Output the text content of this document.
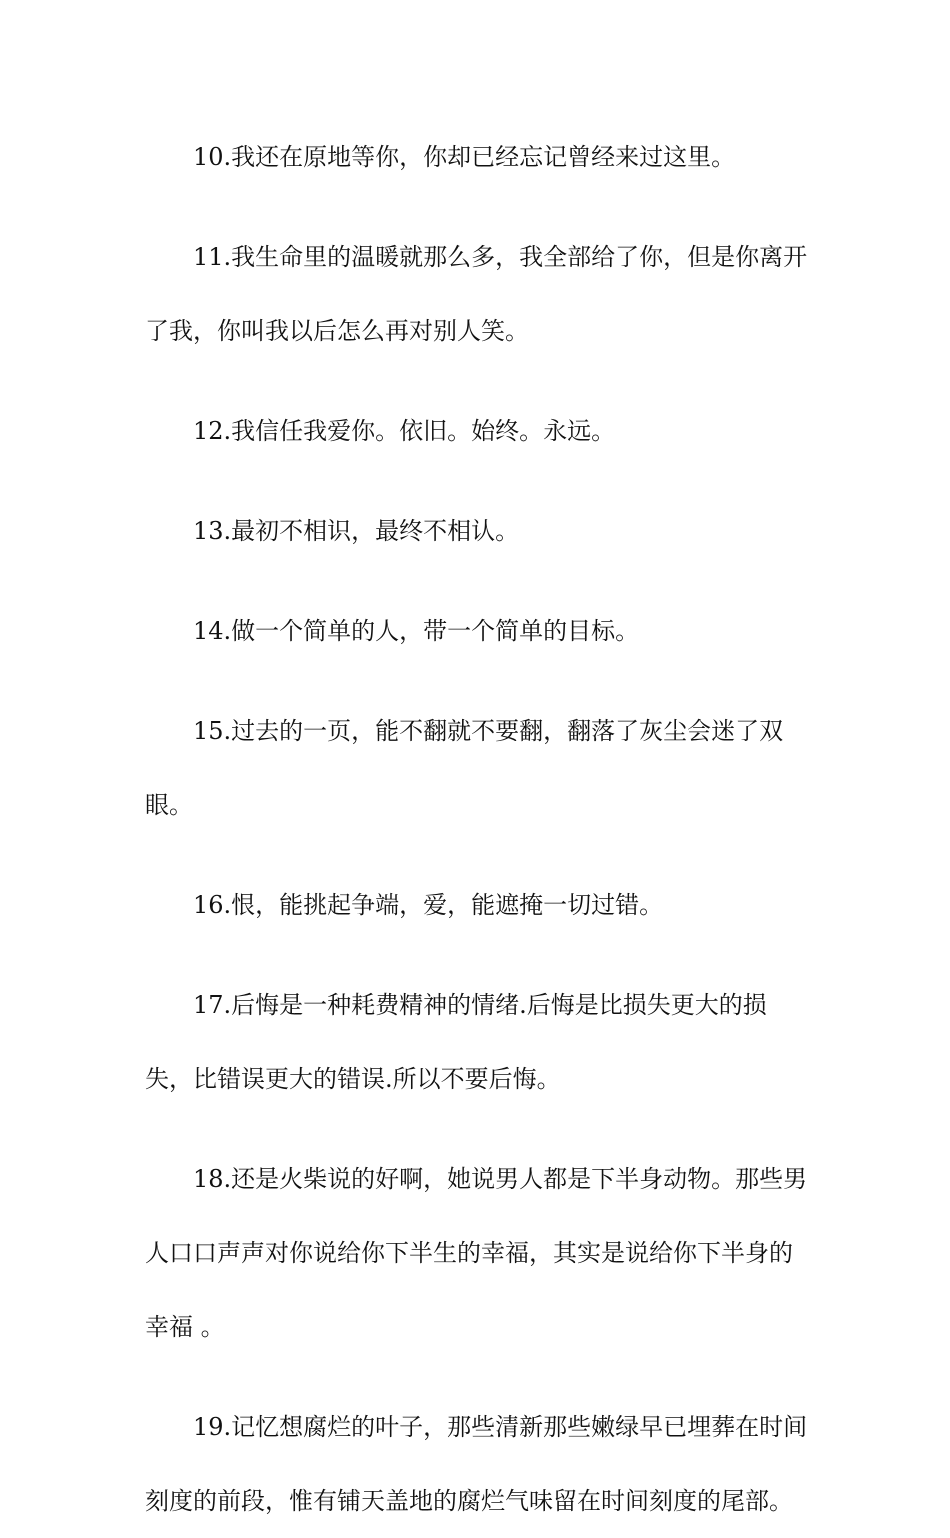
10.我还在原地等你，你却已经忘记曾经来过这里。

11.我生命里的温暖就那么多，我全部给了你，但是你离开了我，你叫我以后怎么再对别人笑。

12.我信任我爱你。依旧。始终。永远。

13.最初不相识，最终不相认。

14.做一个简单的人，带一个简单的目标。

15.过去的一页，能不翻就不要翻，翻落了灰尘会迷了双眼。

16.恨，能挑起争端，爱，能遮掩一切过错。

17.后悔是一种耗费精神的情绪.后悔是比损失更大的损失，比错误更大的错误.所以不要后悔。

18.还是火柴说的好啊，她说男人都是下半身动物。那些男人口口声声对你说给你下半生的幸福，其实是说给你下半身的幸福 。

19.记忆想腐烂的叶子，那些清新那些嫩绿早已埋葬在时间刻度的前段，惟有铺天盖地的腐烂气味留在时间刻度的尾部。
